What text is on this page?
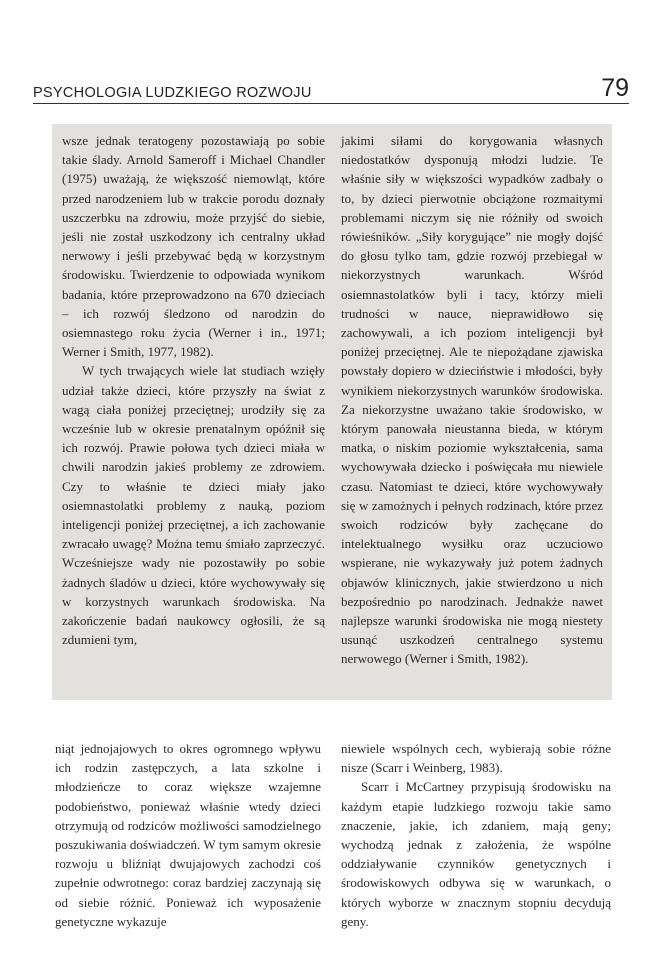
PSYCHOLOGIA LUDZKIEGO ROZWOJU	79

wsze jednak teratogeny pozostawiają po sobie takie ślady. Arnold Sameroff i Michael Chandler (1975) uważają, że większość niemowląt, które przed narodzeniem lub w trakcie porodu doznały uszczerbku na zdrowiu, może przyjść do siebie, jeśli nie został uszkodzony ich centralny układ nerwowy i jeśli przebywać będą w korzystnym środowisku. Twierdzenie to odpowiada wynikom badania, które przeprowadzono na 670 dzieciach – ich rozwój śledzono od narodzin do osiemnastego roku życia (Werner i in., 1971; Werner i Smith, 1977, 1982).

W tych trwających wiele lat studiach wzięły udział także dzieci, które przyszły na świat z wagą ciała poniżej przeciętnej; urodziły się za wcześnie lub w okresie prenatalnym opóźnił się ich rozwój. Prawie połowa tych dzieci miała w chwili narodzin jakieś problemy ze zdrowiem. Czy to właśnie te dzieci miały jako osiemnastolatki problemy z nauką, poziom inteligencji poniżej przeciętnej, a ich zachowanie zwracało uwagę? Można temu śmiało zaprzeczyć. Wcześniejsze wady nie pozostawiły po sobie żadnych śladów u dzieci, które wychowywały się w korzystnych warunkach środowiska. Na zakończenie badań naukowcy ogłosili, że są zdumieni tym,

jakimi siłami do korygowania własnych niedostatków dysponują młodzi ludzie. Te właśnie siły w większości wypadków zadbały o to, by dzieci pierwotnie obciążone rozmaitymi problemami niczym się nie różniły od swoich rówieśników. „Siły korygujące” nie mogły dojść do głosu tylko tam, gdzie rozwój przebiegał w niekorzystnych warunkach. Wśród osiemnastolatków byli i tacy, którzy mieli trudności w nauce, nieprawidłowo się zachowywali, a ich poziom inteligencji był poniżej przeciętnej. Ale te niepożądane zjawiska powstały dopiero w dzieciństwie i młodości, były wynikiem niekorzystnych warunków środowiska. Za niekorzystne uważano takie środowisko, w którym panowała nieustanna bieda, w którym matka, o niskim poziomie wykształcenia, sama wychowywała dziecko i poświęcała mu niewiele czasu. Natomiast te dzieci, które wychowywały się w zamożnych i pełnych rodzinach, które przez swoich rodziców były zachęcane do intelektualnego wysiłku oraz uczuciowo wspierane, nie wykazywały już potem żadnych objawów klinicznych, jakie stwierdzono u nich bezpośrednio po narodzinach. Jednakże nawet najlepsze warunki środowiska nie mogą niestety usunąć uszkodzeń centralnego systemu nerwowego (Werner i Smith, 1982).

niąt jednojajowych to okres ogromnego wpływu ich rodzin zastępczych, a lata szkolne i młodzieńcze to coraz większe wzajemne podobieństwo, ponieważ właśnie wtedy dzieci otrzymują od rodziców możliwości samodzielnego poszukiwania doświadczeń. W tym samym okresie rozwoju u bliźniąt dwujajowych zachodzi coś zupełnie odwrotnego: coraz bardziej zaczynają się od siebie różnić. Ponieważ ich wyposażenie genetyczne wykazuje

niewiele wspólnych cech, wybierają sobie różne nisze (Scarr i Weinberg, 1983).

Scarr i McCartney przypisują środowisku na każdym etapie ludzkiego rozwoju takie samo znaczenie, jakie, ich zdaniem, mają geny; wychodzą jednak z założenia, że wspólne oddziaływanie czynników genetycznych i środowiskowych odbywa się w warunkach, o których wyborze w znacznym stopniu decydują geny.
